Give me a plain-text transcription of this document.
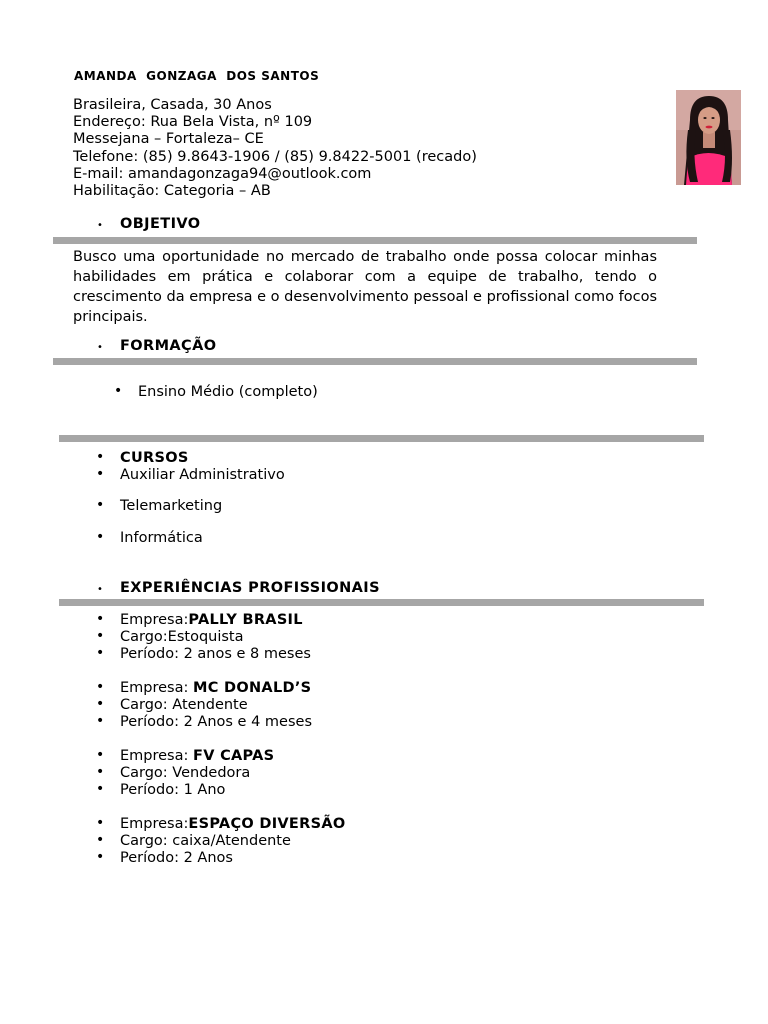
AMANDA  GONZAGA  DOS SANTOS
Brasileira, Casada, 30 Anos
Endereço: Rua Bela Vista, nº 109
Messejana – Fortaleza– CE
Telefone: (85) 9.8643-1906 / (85) 9.8422-5001 (recado)
E-mail: amandagonzaga94@outlook.com
Habilitação: Categoria – AB
• OBJETIVO
Busco uma oportunidade no mercado de trabalho onde possa colocar minhas habilidades em prática e colaborar com a equipe de trabalho, tendo o crescimento da empresa e o desenvolvimento pessoal e profissional como focos principais.
• FORMAÇÃO
• Ensino Médio (completo)
• CURSOS
• Auxiliar Administrativo
• Telemarketing
• Informática
• EXPERIÊNCIAS PROFISSIONAIS
• Empresa:PALLY BRASIL
• Cargo:Estoquista
• Período: 2 anos e 8 meses
• Empresa: MC DONALD’S
• Cargo: Atendente
• Período: 2 Anos e 4 meses
• Empresa: FV CAPAS
• Cargo: Vendedora
• Período: 1 Ano
• Empresa:ESPAÇO DIVERSÃO
• Cargo: caixa/Atendente
• Período: 2 Anos
